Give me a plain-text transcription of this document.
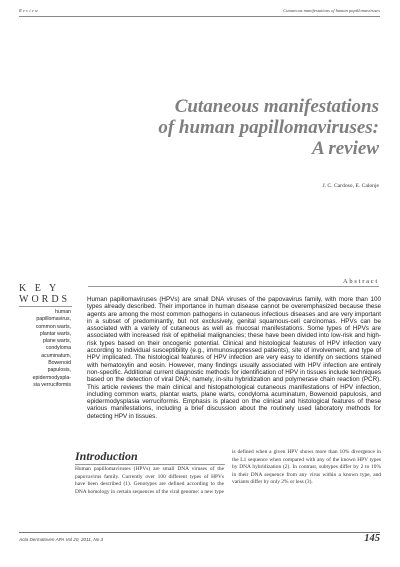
Review	Cutaneous manifestations of human papillomaviruses
Cutaneous manifestations
of human papillomaviruses:
A review
J. C. Cardoso, E. Calonje
Abstract
K E Y
WORDS
human
papillomavirus,
common warts,
plantar warts,
plane warts,
condyloma
acuminatum,
Bowenoid
papulosis,
epidermodyspla-
sia verruciformis
Human papillomaviruses (HPVs) are small DNA viruses of the papovavirus family, with more than 100 types already described. Their importance in human disease cannot be overemphasized because these agents are among the most common pathogens in cutaneous infectious diseases and are very important in a subset of predominantly, but not exclusively, genital squamous-cell carcinomas. HPVs can be associated with a variety of cutaneous as well as mucosal manifestations. Some types of HPVs are associated with increased risk of epithelial malignancies; these have been divided into low-risk and high-risk types based on their oncogenic potential. Clinical and histological features of HPV infection vary according to individual susceptibility (e.g., immunosuppressed patients), site of involvement, and type of HPV implicated. The histological features of HPV infection are very easy to identify on sections stained with hematoxylin and eosin. However, many findings usually associated with HPV infection are entirely non-specific. Additional current diagnostic methods for identification of HPV in tissues include techniques based on the detection of viral DNA; namely, in-situ hybridization and polymerase chain reaction (PCR). This article reviews the main clinical and histopathological cutaneous manifestations of HPV infection, including common warts, plantar warts, plane warts, condyloma acuminatum, Bowenoid papulosis, and epidermodysplasia verruciformis. Emphasis is placed on the clinical and histological features of these various manifestations, including a brief discussion about the routinely used laboratory methods for detecting HPV in tissues.
Introduction
Human papillomaviruses (HPVs) are small DNA viruses of the papovavirus family. Currently over 100 different types of HPVs have been described (1). Genotypes are defined according to the DNA homology in certain sequences of the viral genome: a new type
is defined when a given HPV shows more than 10% divergence in the L1 sequence when compared with any of the known HPV types by DNA hybridization (2). In contrast, subtypes differ by 2 to 10% in their DNA sequence from any virus within a known type, and variants differ by only 2% or less (3).
Acta Dermatoven APA Vol 20, 2011, No 3	145
